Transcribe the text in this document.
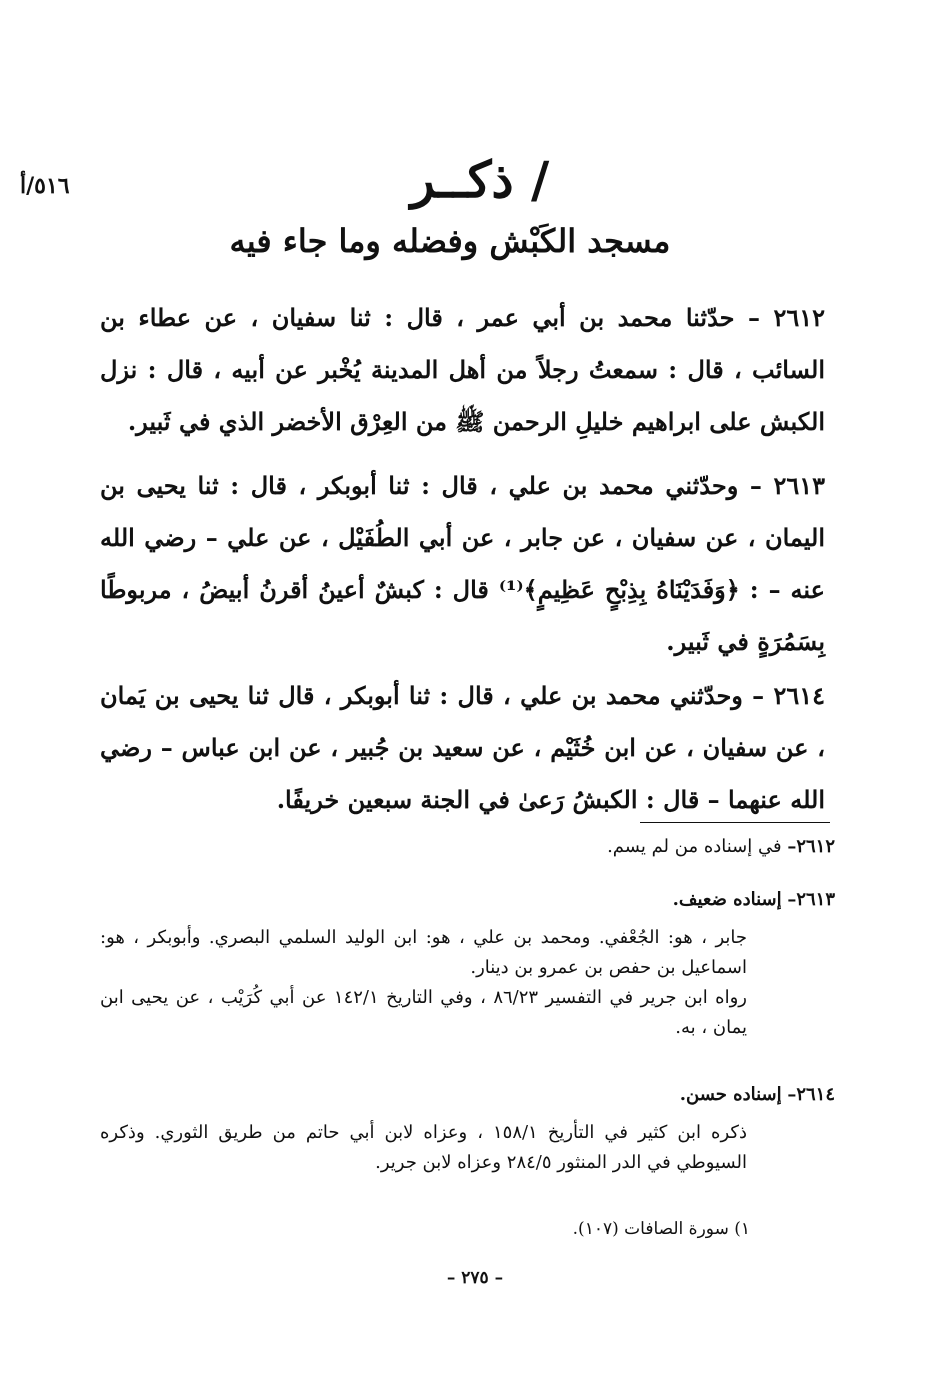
٥١٦/أ	/ ذكــر
مسجد الكَبْش وفضله وما جاء فيه
٢٦١٢ – حدّثنا محمد بن أبي عمر ، قال : ثنا سفيان ، عن عطاء بن السائب ، قال : سمعتُ رجلاً من أهل المدينة يُخْبر عن أبيه ، قال : نزل الكبش على ابراهيم خليلِ الرحمن ﷺ من العِرْق الأخضر الذي في ثَبير.
٢٦١٣ – وحدّثني محمد بن علي ، قال : ثنا أبوبكر ، قال : ثنا يحيى بن اليمان ، عن سفيان ، عن جابر ، عن أبي الطُفَيْل ، عن علي – رضي الله عنه – : ﴿وَفَدَيْنَاهُ بِذِبْحٍ عَظِيمٍ﴾⁽¹⁾ قال : كبشٌ أعينُ أقرنُ أبيضُ ، مربوطًا بِسَمُرَةٍ في ثَبير.
٢٦١٤ – وحدّثني محمد بن علي ، قال : ثنا أبوبكر ، قال ثنا يحيى بن يَمان ، عن سفيان ، عن ابن خُثَيْم ، عن سعيد بن جُبير ، عن ابن عباس – رضي الله عنهما – قال : الكبشُ رَعىٰ في الجنة سبعين خريفًا.
٢٦١٢– في إسناده من لم يسم.
٢٦١٣– إسناده ضعيف.
جابر ، هو: الجُعْفي. ومحمد بن علي ، هو: ابن الوليد السلمي البصري. وأبوبكر ، هو: اسماعيل بن حفص بن عمرو بن دينار.
رواه ابن جرير في التفسير ٨٦/٢٣ ، وفي التاريخ ١٤٢/١ عن أبي كُرَيْب ، عن يحيى ابن يمان ، به.
٢٦١٤– إسناده حسن.
ذكره ابن كثير في التأريخ ١٥٨/١ ، وعزاه لابن أبي حاتم من طريق الثوري. وذكره السيوطي في الدر المنثور ٢٨٤/٥ وعزاه لابن جرير.
١) سورة الصافات (١٠٧).
– ٢٧٥ –
